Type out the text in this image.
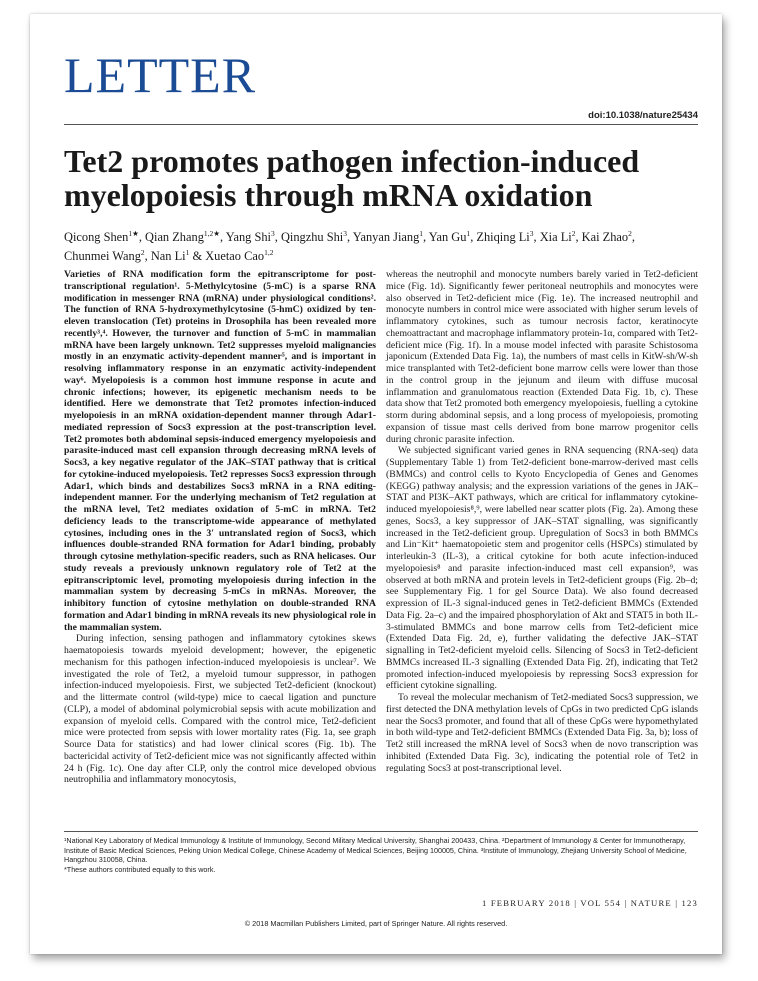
LETTER
doi:10.1038/nature25434
Tet2 promotes pathogen infection-induced myelopoiesis through mRNA oxidation
Qicong Shen$^{1★}$, Qian Zhang$^{1,2★}$, Yang Shi$^3$, Qingzhu Shi$^3$, Yanyan Jiang$^1$, Yan Gu$^1$, Zhiqing Li$^3$, Xia Li$^2$, Kai Zhao$^2$, Chunmei Wang$^2$, Nan Li$^1$ & Xuetao Cao$^{1,2}$

Varieties of RNA modification form the epitranscriptome for post-transcriptional regulation¹. 5-Methylcytosine (5-mC) is a sparse RNA modification in messenger RNA (mRNA) under physiological conditions². The function of RNA 5-hydroxymethylcytosine (5-hmC) oxidized by ten-eleven translocation (Tet) proteins in Drosophila has been revealed more recently³,⁴. However, the turnover and function of 5-mC in mammalian mRNA have been largely unknown. Tet2 suppresses myeloid malignancies mostly in an enzymatic activity-dependent manner⁵, and is important in resolving inflammatory response in an enzymatic activity-independent way⁶. Myelopoiesis is a common host immune response in acute and chronic infections; however, its epigenetic mechanism needs to be identified. Here we demonstrate that Tet2 promotes infection-induced myelopoiesis in an mRNA oxidation-dependent manner through Adar1-mediated repression of Socs3 expression at the post-transcription level. Tet2 promotes both abdominal sepsis-induced emergency myelopoiesis and parasite-induced mast cell expansion through decreasing mRNA levels of Socs3, a key negative regulator of the JAK–STAT pathway that is critical for cytokine-induced myelopoiesis. Tet2 represses Socs3 expression through Adar1, which binds and destabilizes Socs3 mRNA in a RNA editing-independent manner. For the underlying mechanism of Tet2 regulation at the mRNA level, Tet2 mediates oxidation of 5-mC in mRNA. Tet2 deficiency leads to the transcriptome-wide appearance of methylated cytosines, including ones in the 3′ untranslated region of Socs3, which influences double-stranded RNA formation for Adar1 binding, probably through cytosine methylation-specific readers, such as RNA helicases. Our study reveals a previously unknown regulatory role of Tet2 at the epitranscriptomic level, promoting myelopoiesis during infection in the mammalian system by decreasing 5-mCs in mRNAs. Moreover, the inhibitory function of cytosine methylation on double-stranded RNA formation and Adar1 binding in mRNA reveals its new physiological role in the mammalian system.

During infection, sensing pathogen and inflammatory cytokines skews haematopoiesis towards myeloid development; however, the epigenetic mechanism for this pathogen infection-induced myelopoiesis is unclear⁷. We investigated the role of Tet2, a myeloid tumour suppressor, in pathogen infection-induced myelopoiesis. First, we subjected Tet2-deficient (knockout) and the littermate control (wild-type) mice to caecal ligation and puncture (CLP), a model of abdominal polymicrobial sepsis with acute mobilization and expansion of myeloid cells. Compared with the control mice, Tet2-deficient mice were protected from sepsis with lower mortality rates (Fig. 1a, see graph Source Data for statistics) and had lower clinical scores (Fig. 1b). The bactericidal activity of Tet2-deficient mice was not significantly affected within 24 h (Fig. 1c). One day after CLP, only the control mice developed obvious neutrophilia and inflammatory monocytosis,

whereas the neutrophil and monocyte numbers barely varied in Tet2-deficient mice (Fig. 1d). Significantly fewer peritoneal neutrophils and monocytes were also observed in Tet2-deficient mice (Fig. 1e). The increased neutrophil and monocyte numbers in control mice were associated with higher serum levels of inflammatory cytokines, such as tumour necrosis factor, keratinocyte chemoattractant and macrophage inflammatory protein-1α, compared with Tet2-deficient mice (Fig. 1f). In a mouse model infected with parasite Schistosoma japonicum (Extended Data Fig. 1a), the numbers of mast cells in KitW-sh/W-sh mice transplanted with Tet2-deficient bone marrow cells were lower than those in the control group in the jejunum and ileum with diffuse mucosal inflammation and granulomatous reaction (Extended Data Fig. 1b, c). These data show that Tet2 promoted both emergency myelopoiesis, fuelling a cytokine storm during abdominal sepsis, and a long process of myelopoiesis, promoting expansion of tissue mast cells derived from bone marrow progenitor cells during chronic parasite infection.

We subjected significant varied genes in RNA sequencing (RNA-seq) data (Supplementary Table 1) from Tet2-deficient bone-marrow-derived mast cells (BMMCs) and control cells to Kyoto Encyclopedia of Genes and Genomes (KEGG) pathway analysis; and the expression variations of the genes in JAK–STAT and PI3K–AKT pathways, which are critical for inflammatory cytokine-induced myelopoiesis⁸,⁹, were labelled near scatter plots (Fig. 2a). Among these genes, Socs3, a key suppressor of JAK–STAT signalling, was significantly increased in the Tet2-deficient group. Upregulation of Socs3 in both BMMCs and Lin⁻Kit⁺ haematopoietic stem and progenitor cells (HSPCs) stimulated by interleukin-3 (IL-3), a critical cytokine for both acute infection-induced myelopoiesis⁸ and parasite infection-induced mast cell expansion⁹, was observed at both mRNA and protein levels in Tet2-deficient groups (Fig. 2b–d; see Supplementary Fig. 1 for gel Source Data). We also found decreased expression of IL-3 signal-induced genes in Tet2-deficient BMMCs (Extended Data Fig. 2a–c) and the impaired phosphorylation of Akt and STAT5 in both IL-3-stimulated BMMCs and bone marrow cells from Tet2-deficient mice (Extended Data Fig. 2d, e), further validating the defective JAK–STAT signalling in Tet2-deficient myeloid cells. Silencing of Socs3 in Tet2-deficient BMMCs increased IL-3 signalling (Extended Data Fig. 2f), indicating that Tet2 promoted infection-induced myelopoiesis by repressing Socs3 expression for efficient cytokine signalling.

To reveal the molecular mechanism of Tet2-mediated Socs3 suppression, we first detected the DNA methylation levels of CpGs in two predicted CpG islands near the Socs3 promoter, and found that all of these CpGs were hypomethylated in both wild-type and Tet2-deficient BMMCs (Extended Data Fig. 3a, b); loss of Tet2 still increased the mRNA level of Socs3 when de novo transcription was inhibited (Extended Data Fig. 3c), indicating the potential role of Tet2 in regulating Socs3 at post-transcriptional level.

¹National Key Laboratory of Medical Immunology & Institute of Immunology, Second Military Medical University, Shanghai 200433, China. ²Department of Immunology & Center for Immunotherapy, Institute of Basic Medical Sciences, Peking Union Medical College, Chinese Academy of Medical Sciences, Beijing 100005, China. ³Institute of Immunology, Zhejiang University School of Medicine, Hangzhou 310058, China.

*These authors contributed equally to this work.

1 FEBRUARY 2018 | VOL 554 | NATURE | 123
© 2018 Macmillan Publishers Limited, part of Springer Nature. All rights reserved.
